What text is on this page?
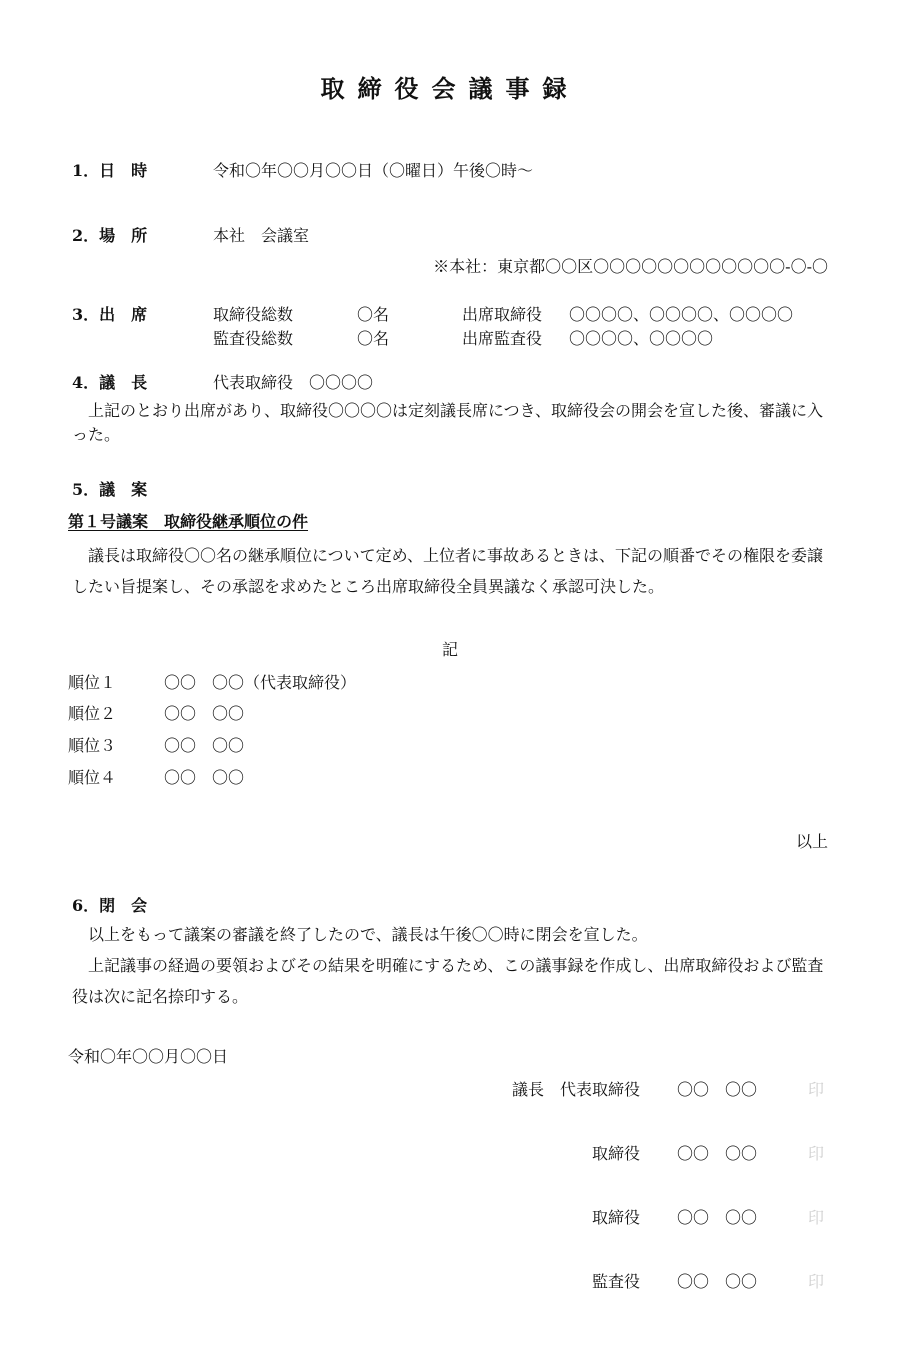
取締役会議事録
1．日　時	令和〇年〇〇月〇〇日（〇曜日）午後〇時〜
2．場　所	本社　会議室
※本社：東京都〇〇区〇〇〇〇〇〇〇〇〇〇〇〇-〇-〇
3．出　席	取締役総数	〇名	出席取締役 〇〇〇〇、〇〇〇〇、〇〇〇〇
監査役総数	〇名	出席監査役 〇〇〇〇、〇〇〇〇
4．議　長	代表取締役　〇〇〇〇
上記のとおり出席があり、取締役〇〇〇〇は定刻議長席につき、取締役会の開会を宣した後、審議に入った。
5．議　案
第１号議案　取締役継承順位の件
議長は取締役〇〇名の継承順位について定め、上位者に事故あるときは、下記の順番でその権限を委譲したい旨提案し、その承認を求めたところ出席取締役全員異議なく承認可決した。
記
順位１	〇〇　〇〇（代表取締役）
順位２	〇〇　〇〇
順位３	〇〇　〇〇
順位４	〇〇　〇〇
以上
6．閉　会
以上をもって議案の審議を終了したので、議長は午後〇〇時に閉会を宣した。
上記議事の経過の要領およびその結果を明確にするため、この議事録を作成し、出席取締役および監査役は次に記名捺印する。
令和〇年〇〇月〇〇日
議長　代表取締役 〇〇　〇〇	印
取締役 〇〇　〇〇	印
取締役 〇〇　〇〇	印
監査役 〇〇　〇〇	印
